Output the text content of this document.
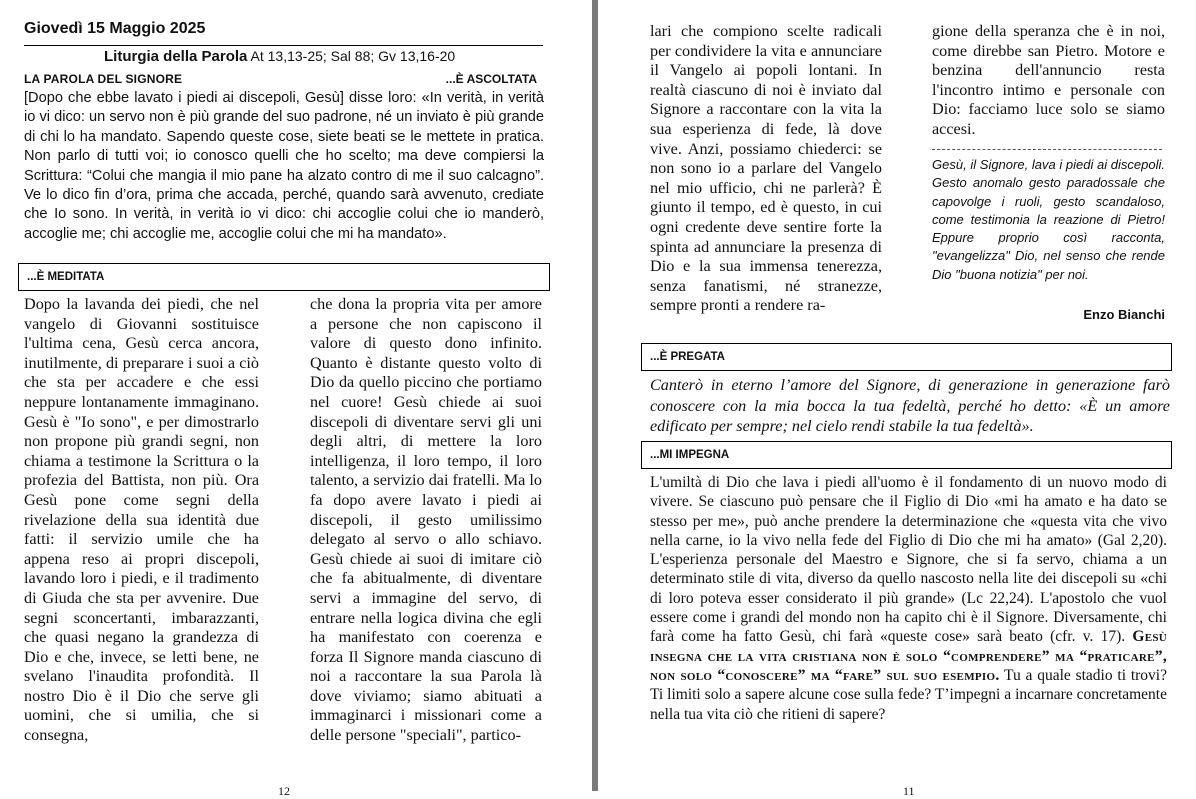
Giovedì 15 Maggio 2025
Liturgia della Parola At 13,13-25; Sal 88; Gv 13,16-20
LA PAROLA DEL SIGNORE	...È ASCOLTATA
[Dopo che ebbe lavato i piedi ai discepoli, Gesù] disse loro: «In verità, in verità io vi dico: un servo non è più grande del suo padrone, né un inviato è più grande di chi lo ha mandato. Sapendo queste cose, siete beati se le mettete in pratica. Non parlo di tutti voi; io conosco quelli che ho scelto; ma deve compiersi la Scrittura: “Colui che mangia il mio pane ha alzato contro di me il suo calcagno”. Ve lo dico fin d’ora, prima che accada, perché, quando sarà avvenuto, crediate che Io sono. In verità, in verità io vi dico: chi accoglie colui che io manderò, accoglie me; chi accoglie me, accoglie colui che mi ha mandato».
...È MEDITATA
Dopo la lavanda dei piedi, che nel vangelo di Giovanni sostituisce l'ultima cena, Gesù cerca ancora, inutilmente, di preparare i suoi a ciò che sta per accadere e che essi neppure lontanamente immaginano. Gesù è "Io sono", e per dimostrarlo non propone più grandi segni, non chiama a testimone la Scrittura o la profezia del Battista, non più. Ora Gesù pone come segni della rivelazione della sua identità due fatti: il servizio umile che ha appena reso ai propri discepoli, lavando loro i piedi, e il tradimento di Giuda che sta per avvenire. Due segni sconcertanti, imbarazzanti, che quasi negano la grandezza di Dio e che, invece, se letti bene, ne svelano l'inaudita profondità. Il nostro Dio è il Dio che serve gli uomini, che si umilia, che si consegna,
che dona la propria vita per amore a persone che non capiscono il valore di questo dono infinito. Quanto è distante questo volto di Dio da quello piccino che portiamo nel cuore! Gesù chiede ai suoi discepoli di diventare servi gli uni degli altri, di mettere la loro intelligenza, il loro tempo, il loro talento, a servizio dai fratelli. Ma lo fa dopo avere lavato i piedi ai discepoli, il gesto umilissimo delegato al servo o allo schiavo. Gesù chiede ai suoi di imitare ciò che fa abitualmente, di diventare servi a immagine del servo, di entrare nella logica divina che egli ha manifestato con coerenza e forza Il Signore manda ciascuno di noi a raccontare la sua Parola là dove viviamo; siamo abituati a immaginarci i missionari come a delle persone "speciali", partico-
12
lari che compiono scelte radicali per condividere la vita e annunciare il Vangelo ai popoli lontani. In realtà ciascuno di noi è inviato dal Signore a raccontare con la vita la sua esperienza di fede, là dove vive. Anzi, possiamo chiederci: se non sono io a parlare del Vangelo nel mio ufficio, chi ne parlerà? È giunto il tempo, ed è questo, in cui ogni credente deve sentire forte la spinta ad annunciare la presenza di Dio e la sua immensa tenerezza, senza fanatismi, né stranezze, sempre pronti a rendere ra-
gione della speranza che è in noi, come direbbe san Pietro. Motore e benzina dell'annuncio resta l'incontro intimo e personale con Dio: facciamo luce solo se siamo accesi.
Gesù, il Signore, lava i piedi ai discepoli. Gesto anomalo gesto paradossale che capovolge i ruoli, gesto scandaloso, come testimonia la reazione di Pietro! Eppure proprio così racconta, "evangelizza" Dio, nel senso che rende Dio "buona notizia" per noi.
Enzo Bianchi
...È PREGATA
Canterò in eterno l’amore del Signore, di generazione in generazione farò conoscere con la mia bocca la tua fedeltà, perché ho detto: «È un amore edificato per sempre; nel cielo rendi stabile la tua fedeltà».
...MI IMPEGNA
L'umiltà di Dio che lava i piedi all'uomo è il fondamento di un nuovo modo di vivere. Se ciascuno può pensare che il Figlio di Dio «mi ha amato e ha dato se stesso per me», può anche prendere la determinazione che «questa vita che vivo nella carne, io la vivo nella fede del Figlio di Dio che mi ha amato» (Gal 2,20). L'esperienza personale del Maestro e Signore, che si fa servo, chiama a un determinato stile di vita, diverso da quello nascosto nella lite dei discepoli su «chi di loro poteva esser considerato il più grande» (Lc 22,24). L'apostolo che vuol essere come i grandi del mondo non ha capito chi è il Signore. Diversamente, chi farà come ha fatto Gesù, chi farà «queste cose» sarà beato (cfr. v. 17). Gesù insegna che la vita cristiana non è solo “comprendere” ma “praticare”, non solo “conoscere” ma “fare” sul suo esempio. Tu a quale stadio ti trovi? Ti limiti solo a sapere alcune cose sulla fede? T’impegni a incarnare concretamente nella tua vita ciò che ritieni di sapere?
11
